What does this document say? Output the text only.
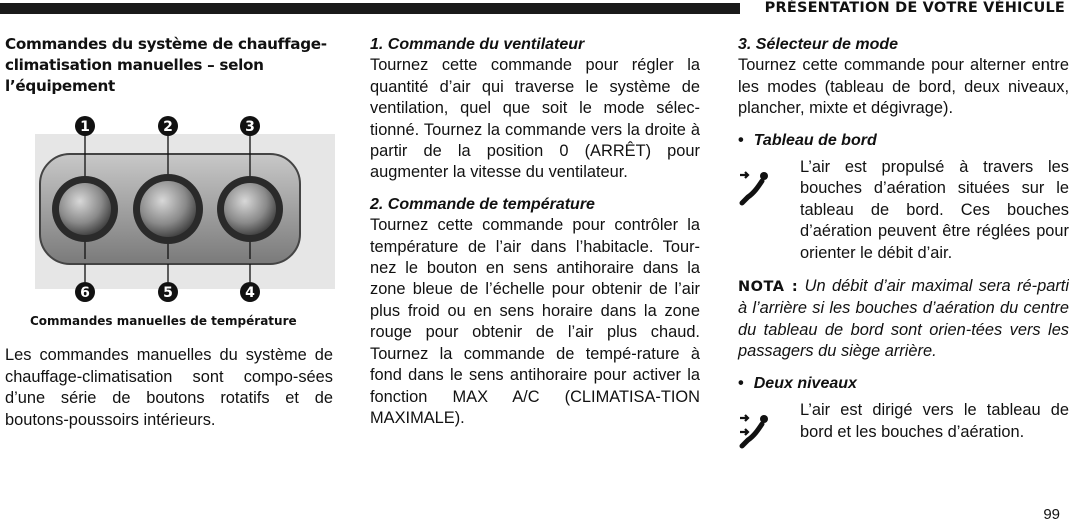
PRÉSENTATION DE VOTRE VÉHICULE
Commandes du système de chauffage-climatisation manuelles – selon l’équipement
1	2	3
4
5
6
Commandes manuelles de température

Les commandes manuelles du système de chauffage-climatisation sont compo-sées d’une série de boutons rotatifs et de boutons-poussoirs intérieurs.

1. Commande du ventilateur

Tournez cette commande pour régler la quantité d’air qui traverse le système de ventilation, quel que soit le mode sélec-tionné. Tournez la commande vers la droite à partir de la position 0 (ARRÊT) pour augmenter la vitesse du ventilateur.

2. Commande de température

Tournez cette commande pour contrôler la température de l’air dans l’habitacle. Tour-nez le bouton en sens antihoraire dans la zone bleue de l’échelle pour obtenir de l’air plus froid ou en sens horaire dans la zone rouge pour obtenir de l’air plus chaud. Tournez la commande de tempé-rature à fond dans le sens antihoraire pour activer la fonction MAX A/C (CLIMATISA-TION MAXIMALE).

3. Sélecteur de mode

Tournez cette commande pour alterner entre les modes (tableau de bord, deux niveaux, plancher, mixte et dégivrage).

• Tableau de bord

L’air est propulsé à travers les bouches d’aération situées sur le tableau de bord. Ces bouches d’aération peuvent être réglées pour orienter le débit d’air.

NOTA : Un débit d’air maximal sera ré-parti à l’arrière si les bouches d’aération du centre du tableau de bord sont orien-tées vers les passagers du siège arrière.

• Deux niveaux

L’air est dirigé vers le tableau de bord et les bouches d’aération.

99
